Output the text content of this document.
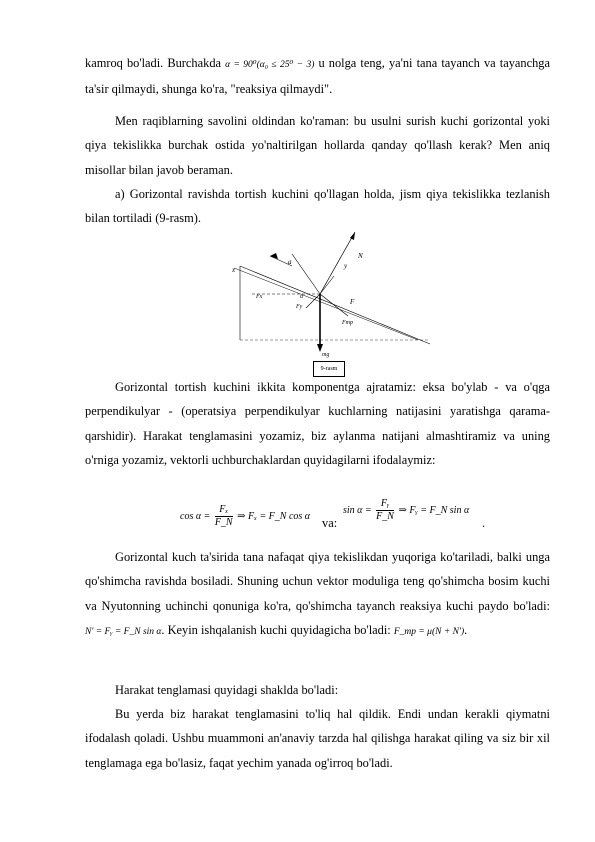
kamroq bo'ladi. Burchakda α = 90⁰(α₀ ≤ 25⁰ − 3) u nolga teng, ya'ni tana tayanch va tayanchga ta'sir qilmaydi, shunga ko'ra, "reaksiya qilmaydi".

Men raqiblarning savolini oldindan ko'raman: bu usulni surish kuchi gorizontal yoki qiya tekislikka burchak ostida yo'naltirilgan hollarda qanday qo'llash kerak? Men aniq misollar bilan javob beraman.

a) Gorizontal ravishda tortish kuchini qo'llagan holda, jism qiya tekislikka tezlanish bilan tortiladi (9-rasm).

x	y
N
a
Fx
Fy
F
mg
Fтр
α
9-rasm

Gorizontal tortish kuchini ikkita komponentga ajratamiz: eksa bo'ylab - va o'qga perpendikulyar - (operatsiya perpendikulyar kuchlarning natijasini yaratishga qarama-qarshidir). Harakat tenglamasini yozamiz, biz aylanma natijani almashtiramiz va uning o'rniga yozamiz, vektorli uchburchaklardan quyidagilarni ifodalaymiz:

$\cos \alpha = \frac{\text{Fₓ}}{F\_N}$ ⇒ Fₓ = F_N cos α va:
$\sin \alpha = \frac{\text{Fᵧ}}{F\_N}$ ⇒ Fᵧ = F_N sin α
.

Gorizontal kuch ta'sirida tana nafaqat qiya tekislikdan yuqoriga ko'tariladi, balki unga qo'shimcha ravishda bosiladi. Shuning uchun vektor moduliga teng qo'shimcha bosim kuchi va Nyutonning uchinchi qonuniga ko'ra, qo'shimcha tayanch reaksiya kuchi paydo bo'ladi: N' = Fᵧ = F_N sin α. Keyin ishqalanish kuchi quyidagicha bo'ladi: F_тр = μ(N + N').

Harakat tenglamasi quyidagi shaklda bo'ladi:

Bu yerda biz harakat tenglamasini to'liq hal qildik. Endi undan kerakli qiymatni ifodalash qoladi. Ushbu muammoni an'anaviy tarzda hal qilishga harakat qiling va siz bir xil tenglamaga ega bo'lasiz, faqat yechim yanada og'irroq bo'ladi.
